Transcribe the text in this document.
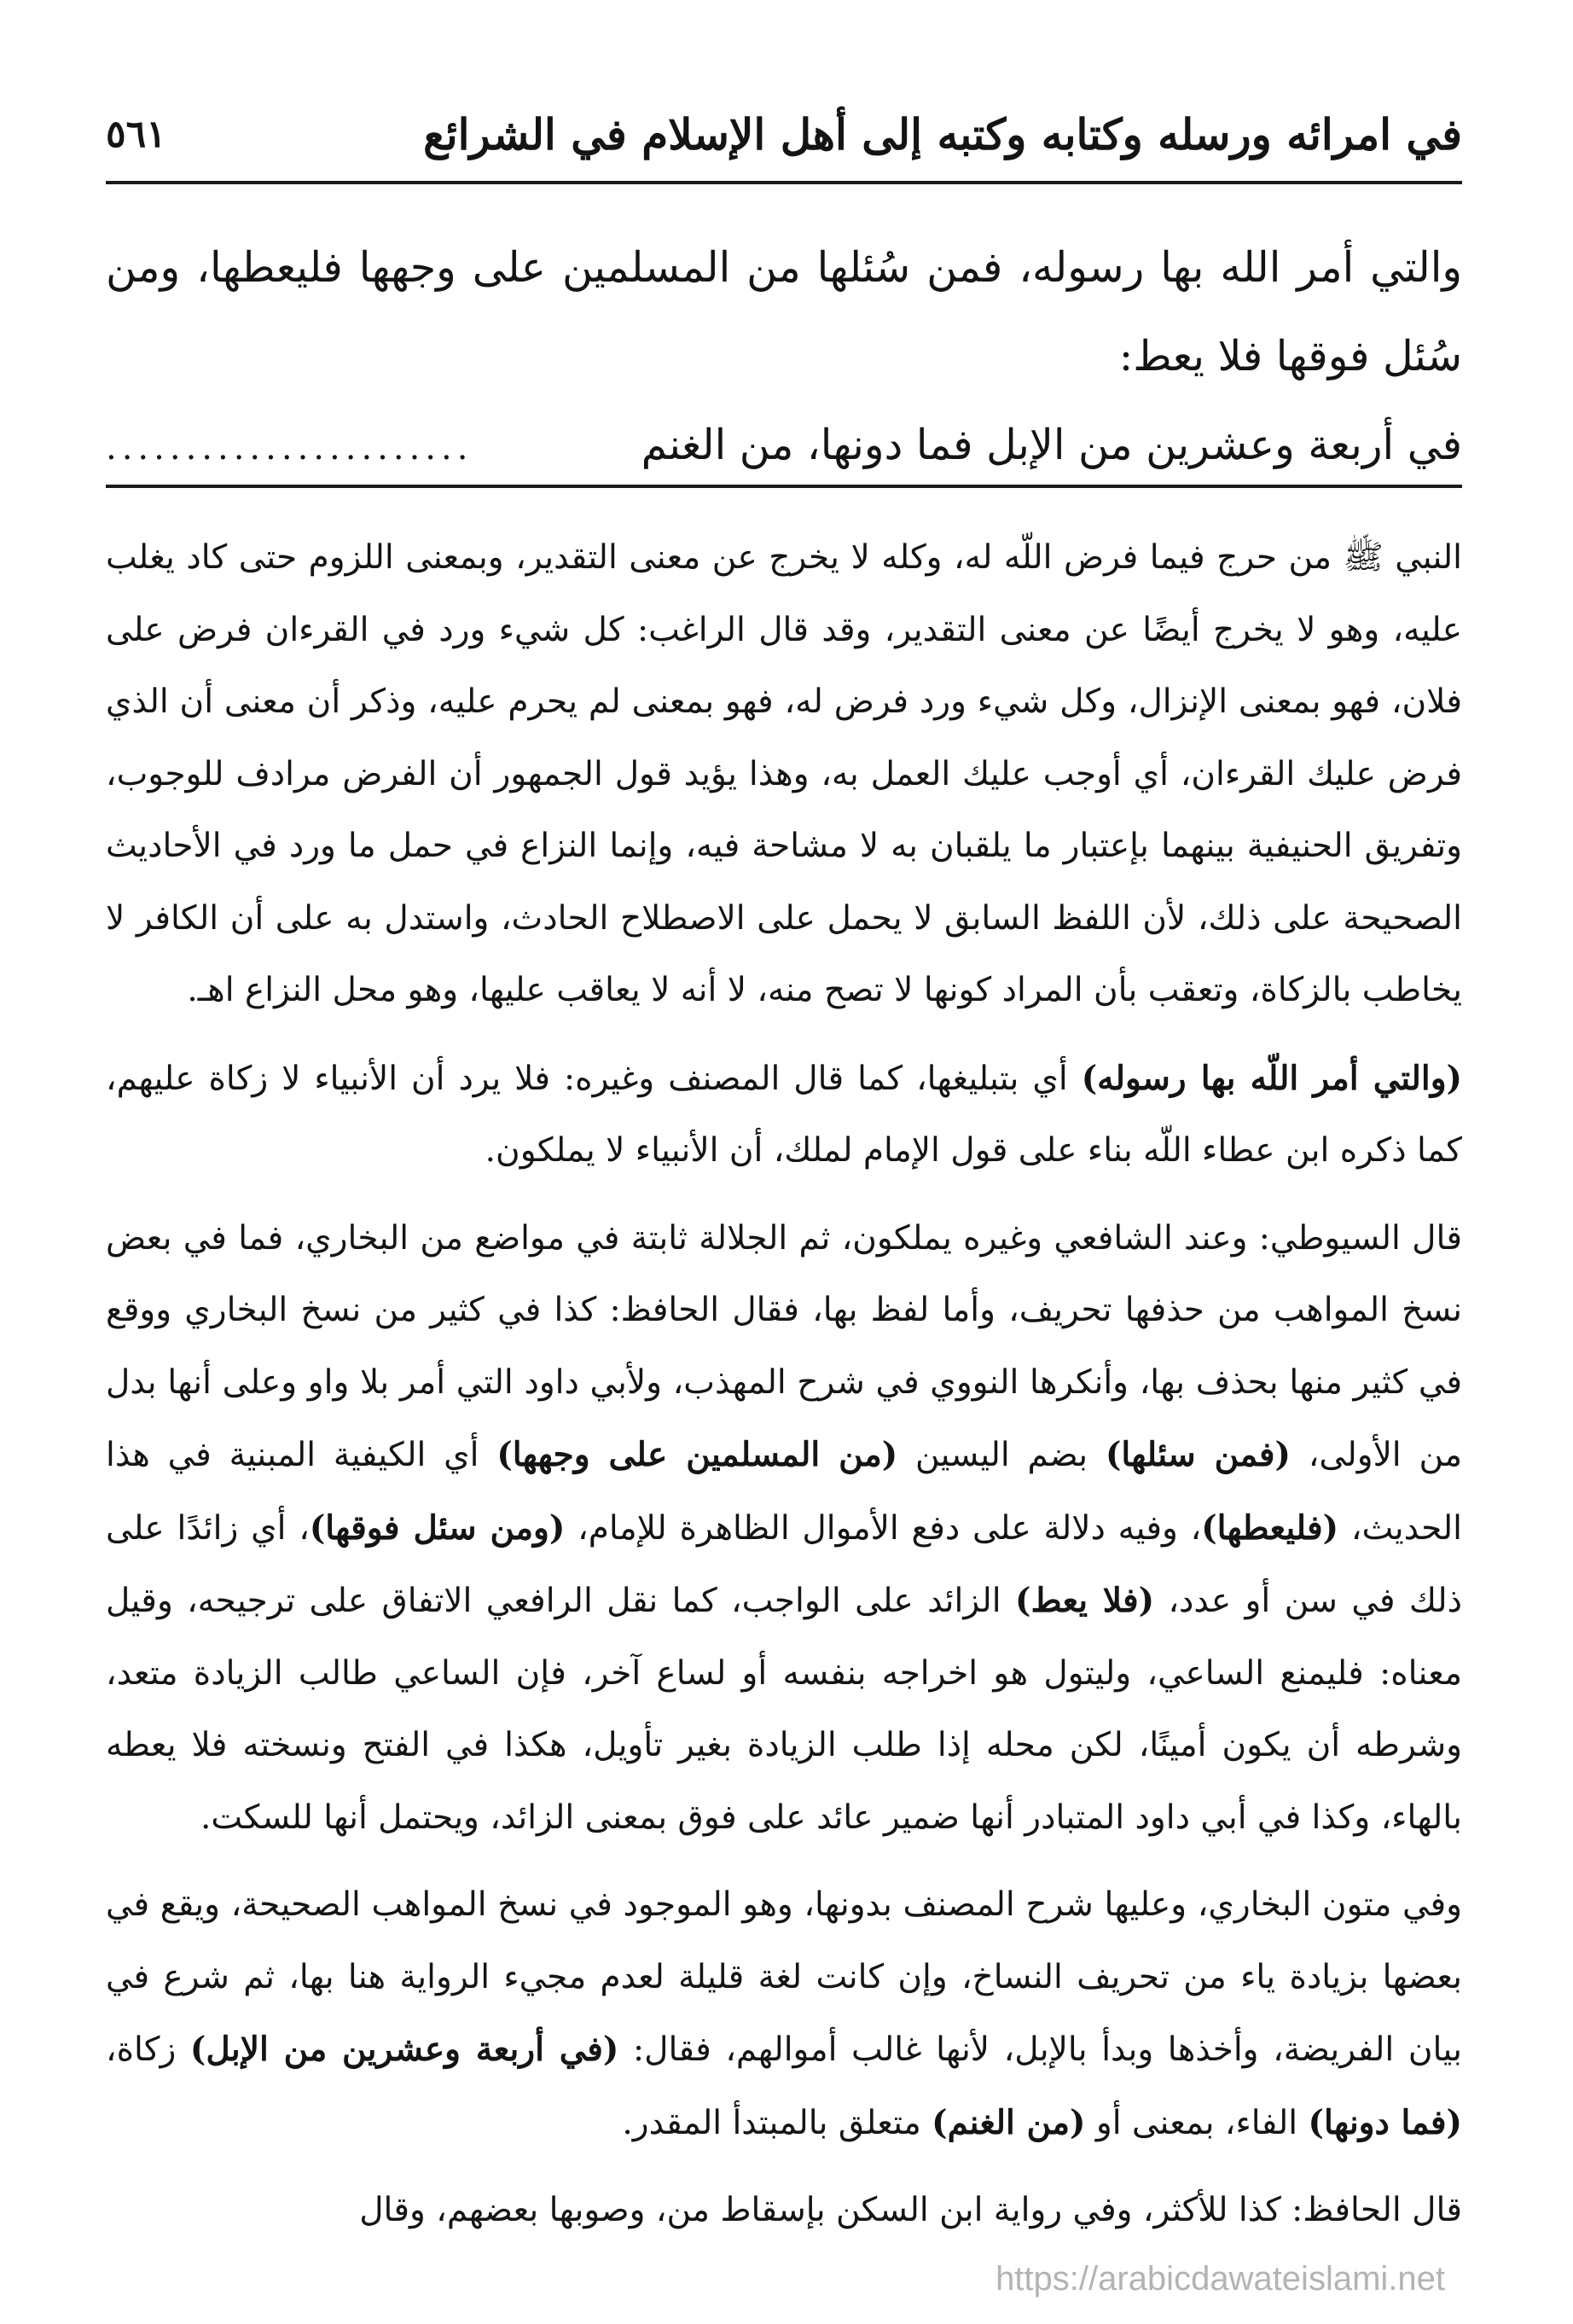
في امرائه ورسله وكتابه وكتبه إلى أهل الإسلام في الشرائع
٥٦١

والتي أمر الله بها رسوله، فمن سُئلها من المسلمين على وجهها فليعطها، ومن سُئل فوقها فلا يعط:

في أربعة وعشرين من الإبل فما دونها، من الغنم
.......................

النبي ﷺ من حرج فيما فرض اللّه له، وكله لا يخرج عن معنى التقدير، وبمعنى اللزوم حتى كاد يغلب عليه، وهو لا يخرج أيضًا عن معنى التقدير، وقد قال الراغب: كل شيء ورد في القرءان فرض على فلان، فهو بمعنى الإنزال، وكل شيء ورد فرض له، فهو بمعنى لم يحرم عليه، وذكر أن معنى أن الذي فرض عليك القرءان، أي أوجب عليك العمل به، وهذا يؤيد قول الجمهور أن الفرض مرادف للوجوب، وتفريق الحنيفية بينهما بإعتبار ما يلقبان به لا مشاحة فيه، وإنما النزاع في حمل ما ورد في الأحاديث الصحيحة على ذلك، لأن اللفظ السابق لا يحمل على الاصطلاح الحادث، واستدل به على أن الكافر لا يخاطب بالزكاة، وتعقب بأن المراد كونها لا تصح منه، لا أنه لا يعاقب عليها، وهو محل النزاع اهـ.

(والتي أمر اللّه بها رسوله) أي بتبليغها، كما قال المصنف وغيره: فلا يرد أن الأنبياء لا زكاة عليهم، كما ذكره ابن عطاء اللّه بناء على قول الإمام لملك، أن الأنبياء لا يملكون.

قال السيوطي: وعند الشافعي وغيره يملكون، ثم الجلالة ثابتة في مواضع من البخاري، فما في بعض نسخ المواهب من حذفها تحريف، وأما لفظ بها، فقال الحافظ: كذا في كثير من نسخ البخاري ووقع في كثير منها بحذف بها، وأنكرها النووي في شرح المهذب، ولأبي داود التي أمر بلا واو وعلى أنها بدل من الأولى، (فمن سئلها) بضم اليسين (من المسلمين على وجهها) أي الكيفية المبنية في هذا الحديث، (فليعطها)، وفيه دلالة على دفع الأموال الظاهرة للإمام، (ومن سئل فوقها)، أي زائدًا على ذلك في سن أو عدد، (فلا يعط) الزائد على الواجب، كما نقل الرافعي الاتفاق على ترجيحه، وقيل معناه: فليمنع الساعي، وليتول هو اخراجه بنفسه أو لساع آخر، فإن الساعي طالب الزيادة متعد، وشرطه أن يكون أمينًا، لكن محله إذا طلب الزيادة بغير تأويل، هكذا في الفتح ونسخته فلا يعطه بالهاء، وكذا في أبي داود المتبادر أنها ضمير عائد على فوق بمعنى الزائد، ويحتمل أنها للسكت.

وفي متون البخاري، وعليها شرح المصنف بدونها، وهو الموجود في نسخ المواهب الصحيحة، ويقع في بعضها بزيادة ياء من تحريف النساخ، وإن كانت لغة قليلة لعدم مجيء الرواية هنا بها، ثم شرع في بيان الفريضة، وأخذها وبدأ بالإبل، لأنها غالب أموالهم، فقال: (في أربعة وعشرين من الإبل) زكاة، (فما دونها) الفاء، بمعنى أو (من الغنم) متعلق بالمبتدأ المقدر.

قال الحافظ: كذا للأكثر، وفي رواية ابن السكن بإسقاط من، وصوبها بعضهم، وقال

https://arabicdawateislami.net
